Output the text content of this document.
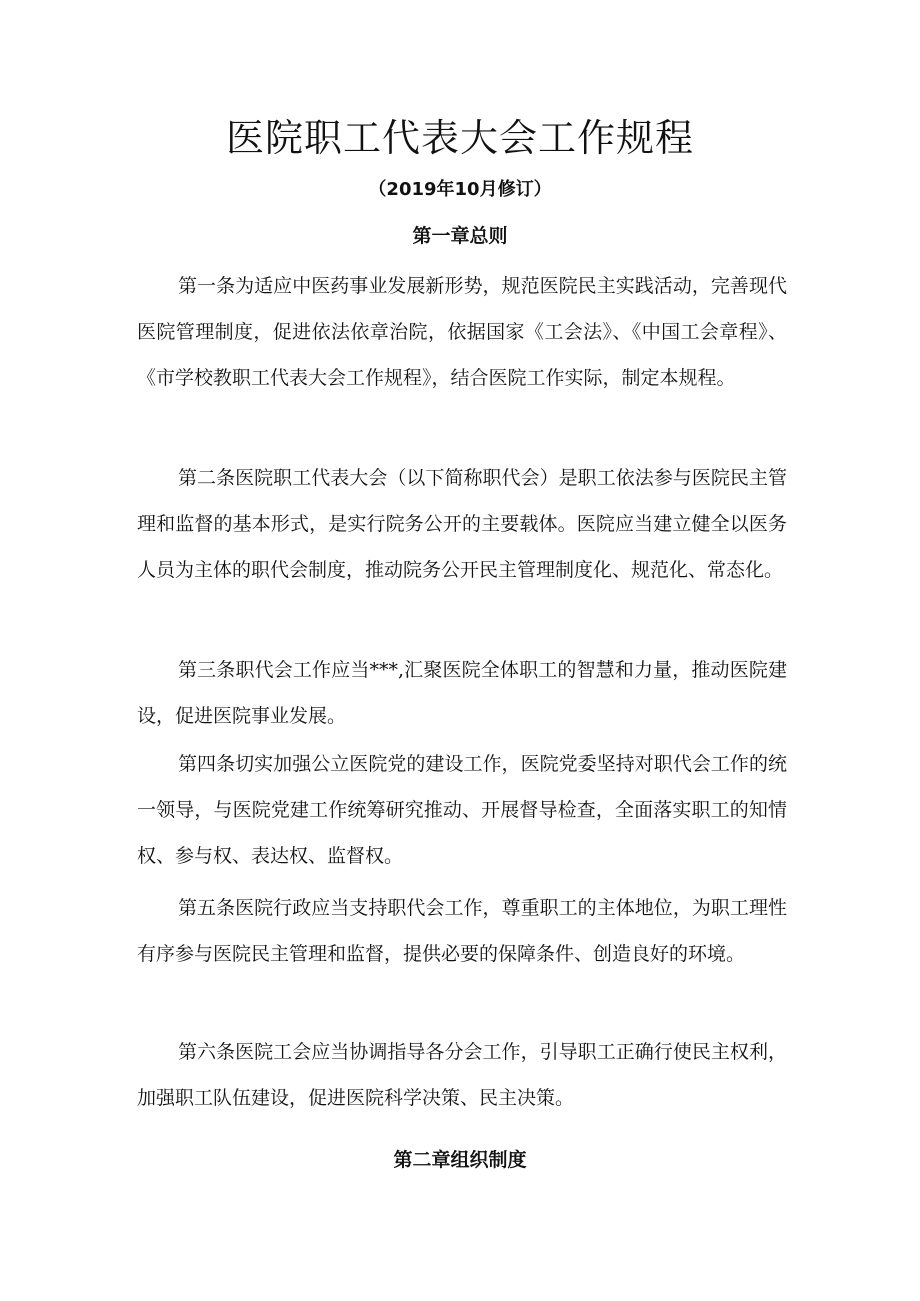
医院职工代表大会工作规程
（2019年10月修订）
第一章总则

第一条为适应中医药事业发展新形势，规范医院民主实践活动，完善现代医院管理制度，促进依法依章治院，依据国家《工会法》、《中国工会章程》、《市学校教职工代表大会工作规程》，结合医院工作实际，制定本规程。

第二条医院职工代表大会（以下简称职代会）是职工依法参与医院民主管理和监督的基本形式，是实行院务公开的主要载体。医院应当建立健全以医务人员为主体的职代会制度，推动院务公开民主管理制度化、规范化、常态化。

第三条职代会工作应当***,汇聚医院全体职工的智慧和力量，推动医院建设，促进医院事业发展。

第四条切实加强公立医院党的建设工作，医院党委坚持对职代会工作的统一领导，与医院党建工作统筹研究推动、开展督导检查，全面落实职工的知情权、参与权、表达权、监督权。

第五条医院行政应当支持职代会工作，尊重职工的主体地位，为职工理性有序参与医院民主管理和监督，提供必要的保障条件、创造良好的环境。

第六条医院工会应当协调指导各分会工作，引导职工正确行使民主权利，加强职工队伍建设，促进医院科学决策、民主决策。

第二章组织制度
